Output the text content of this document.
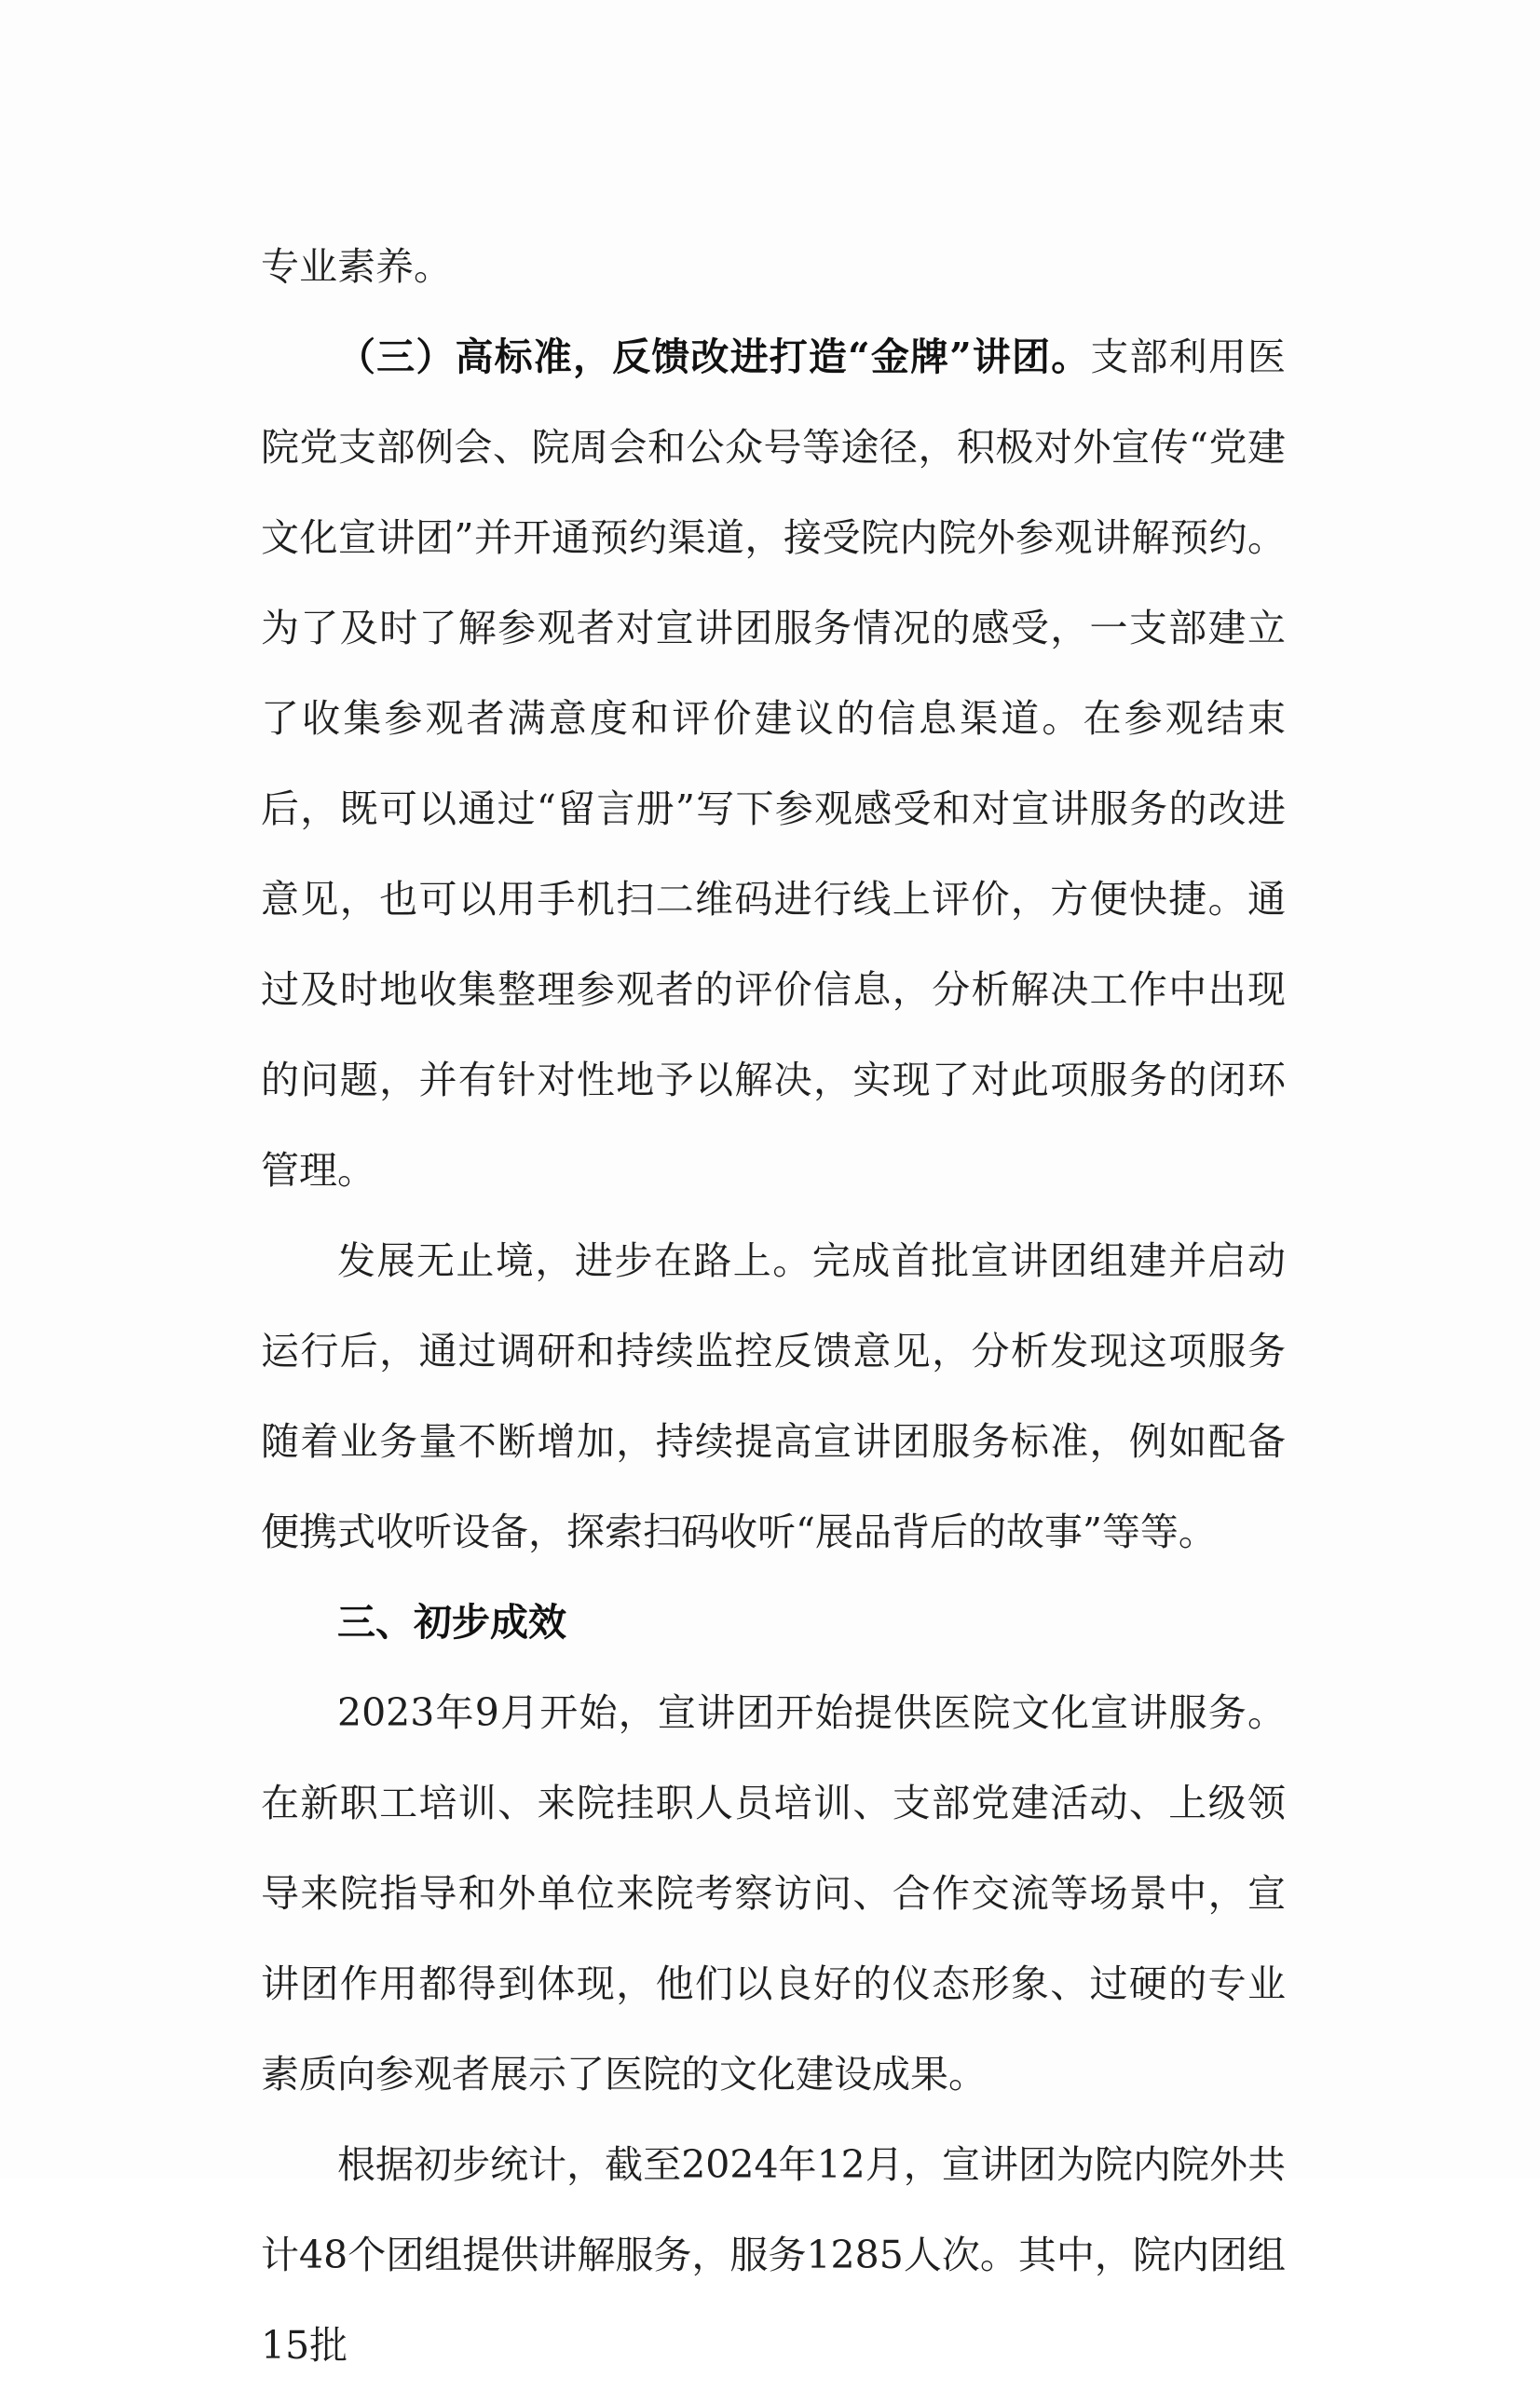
专业素养。

（三）高标准，反馈改进打造“金牌”讲团。支部利用医院党支部例会、院周会和公众号等途径，积极对外宣传“党建文化宣讲团”并开通预约渠道，接受院内院外参观讲解预约。为了及时了解参观者对宣讲团服务情况的感受，一支部建立了收集参观者满意度和评价建议的信息渠道。在参观结束后，既可以通过“留言册”写下参观感受和对宣讲服务的改进意见，也可以用手机扫二维码进行线上评价，方便快捷。通过及时地收集整理参观者的评价信息，分析解决工作中出现的问题，并有针对性地予以解决，实现了对此项服务的闭环管理。

发展无止境，进步在路上。完成首批宣讲团组建并启动运行后，通过调研和持续监控反馈意见，分析发现这项服务随着业务量不断增加，持续提高宣讲团服务标准，例如配备便携式收听设备，探索扫码收听“展品背后的故事”等等。

三、初步成效

2023年9月开始，宣讲团开始提供医院文化宣讲服务。在新职工培训、来院挂职人员培训、支部党建活动、上级领导来院指导和外单位来院考察访问、合作交流等场景中，宣讲团作用都得到体现，他们以良好的仪态形象、过硬的专业素质向参观者展示了医院的文化建设成果。

根据初步统计，截至2024年12月，宣讲团为院内院外共计48个团组提供讲解服务，服务1285人次。其中，院内团组15批
